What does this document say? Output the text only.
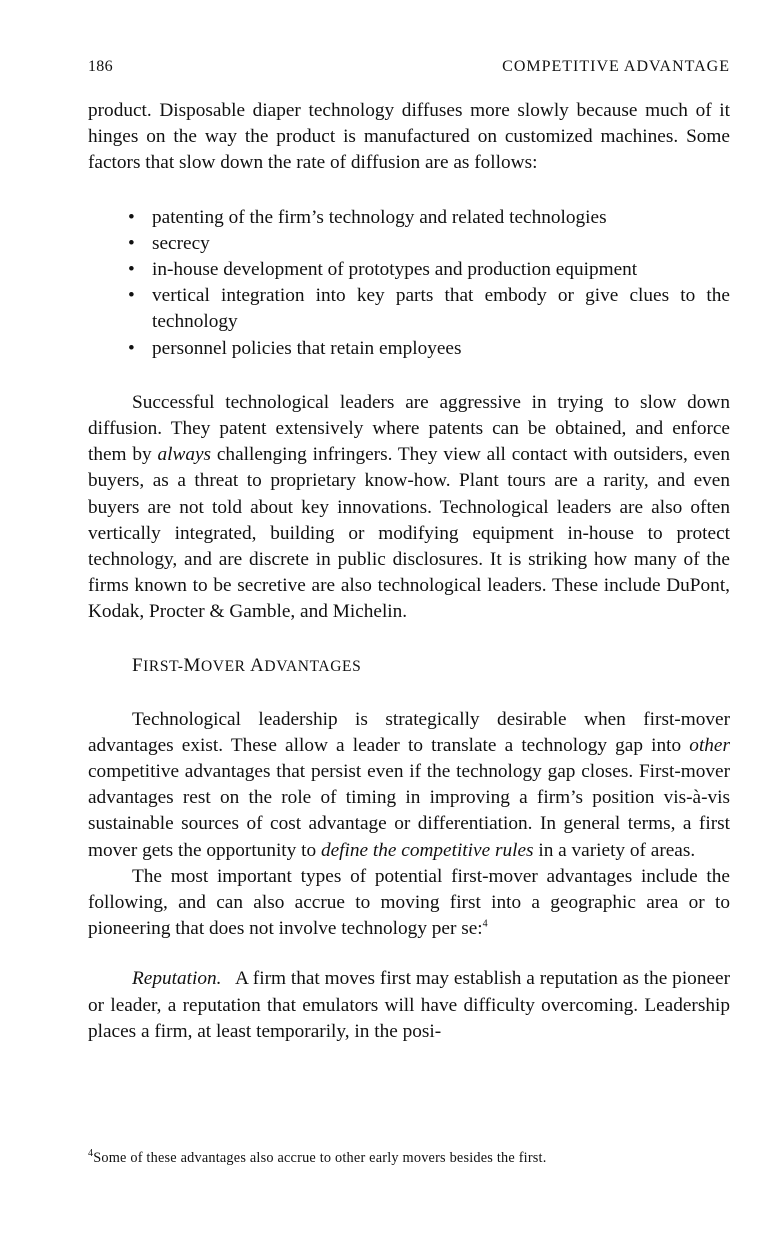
186	COMPETITIVE ADVANTAGE

product. Disposable diaper technology diffuses more slowly because much of it hinges on the way the product is manufactured on customized machines. Some factors that slow down the rate of diffusion are as follows:

• patenting of the firm’s technology and related technologies
• secrecy
• in-house development of prototypes and production equipment
• vertical integration into key parts that embody or give clues to the technology
• personnel policies that retain employees

Successful technological leaders are aggressive in trying to slow down diffusion. They patent extensively where patents can be obtained, and enforce them by always challenging infringers. They view all contact with outsiders, even buyers, as a threat to proprietary know-how. Plant tours are a rarity, and even buyers are not told about key innovations. Technological leaders are also often vertically integrated, building or modifying equipment in-house to protect technology, and are discrete in public disclosures. It is striking how many of the firms known to be secretive are also technological leaders. These include DuPont, Kodak, Procter & Gamble, and Michelin.

FIRST-MOVER ADVANTAGES

Technological leadership is strategically desirable when first-mover advantages exist. These allow a leader to translate a technology gap into other competitive advantages that persist even if the technology gap closes. First-mover advantages rest on the role of timing in improving a firm’s position vis-à-vis sustainable sources of cost advantage or differentiation. In general terms, a first mover gets the opportunity to define the competitive rules in a variety of areas.

The most important types of potential first-mover advantages include the following, and can also accrue to moving first into a geographic area or to pioneering that does not involve technology per se:$^4$

Reputation. A firm that moves first may establish a reputation as the pioneer or leader, a reputation that emulators will have difficulty overcoming. Leadership places a firm, at least temporarily, in the posi-

$^4$Some of these advantages also accrue to other early movers besides the first.
